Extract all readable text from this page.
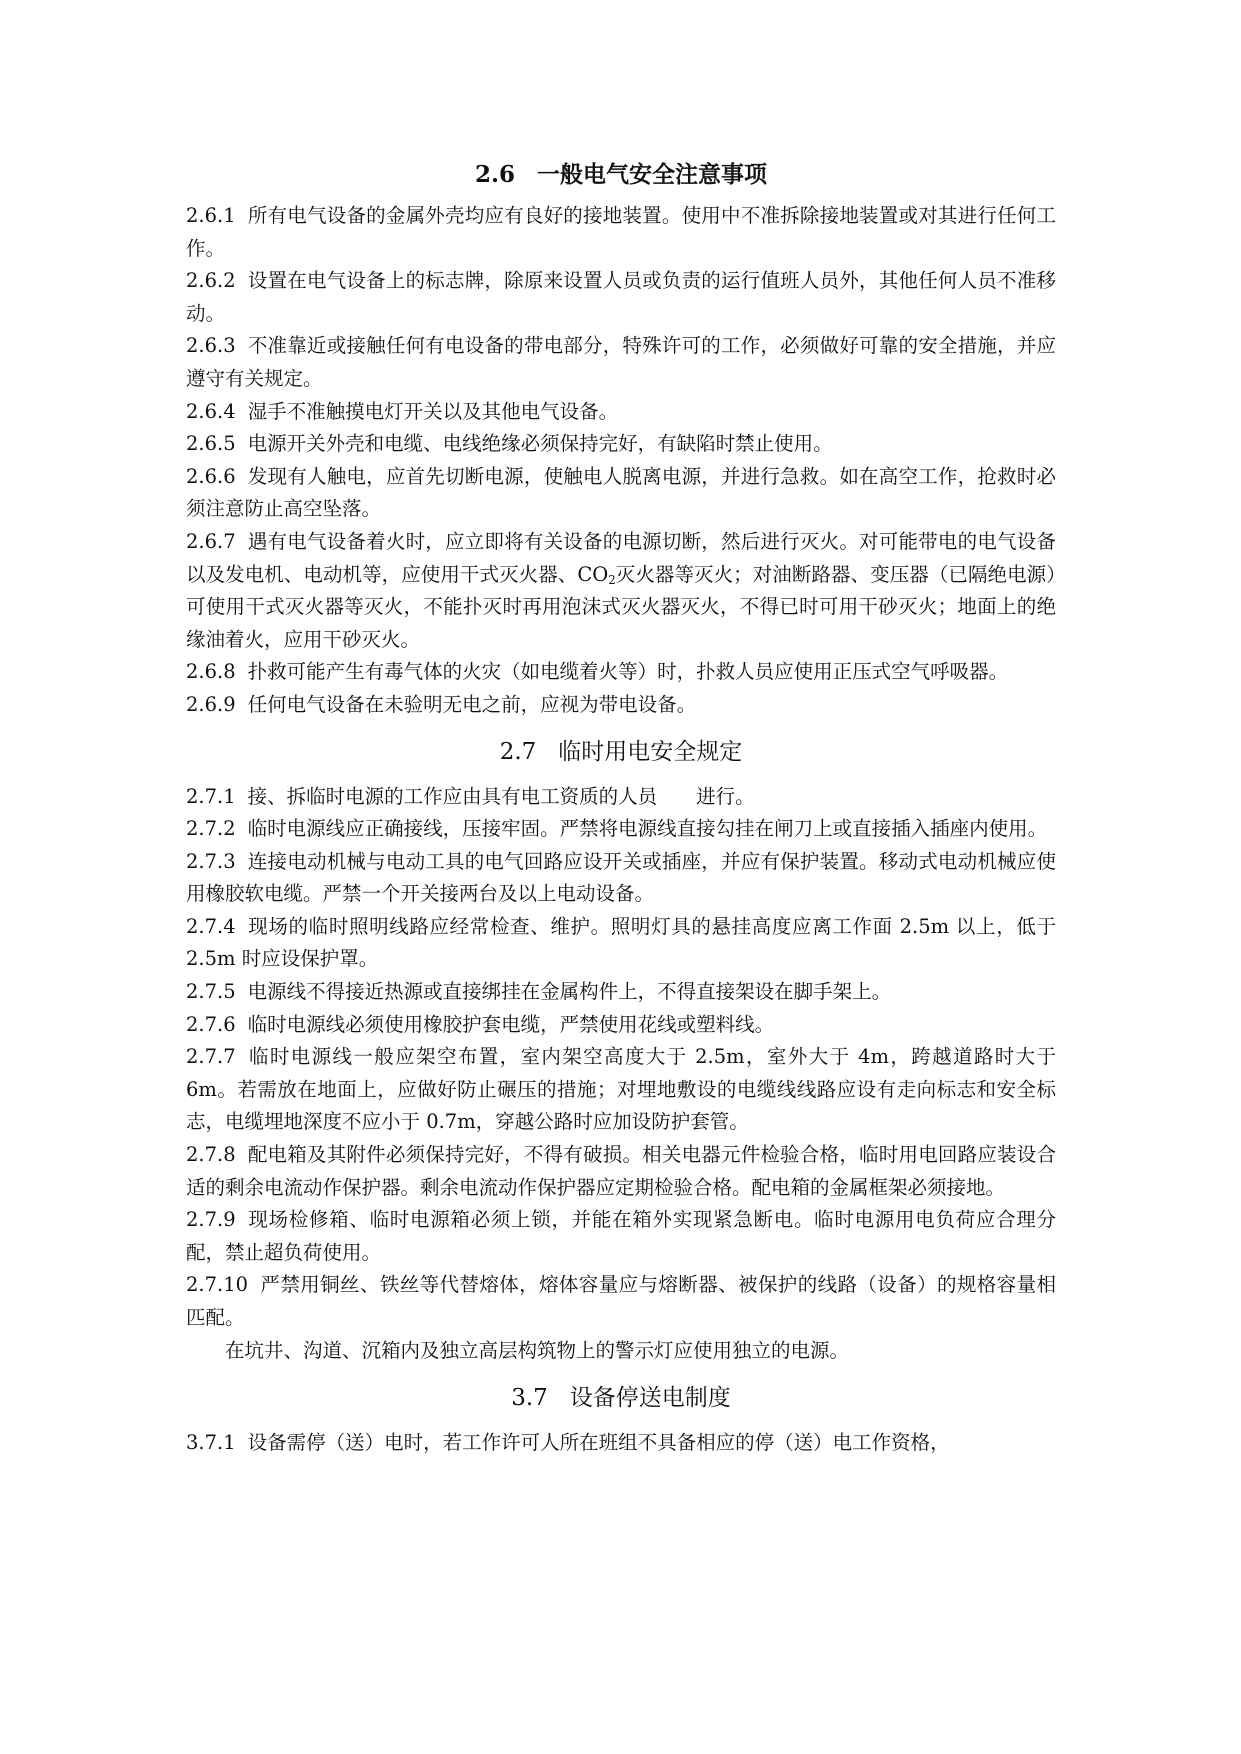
2.6 一般电气安全注意事项

2.6.1 所有电气设备的金属外壳均应有良好的接地装置。使用中不准拆除接地装置或对其进行任何工作。

2.6.2 设置在电气设备上的标志牌，除原来设置人员或负责的运行值班人员外，其他任何人员不准移动。

2.6.3 不准靠近或接触任何有电设备的带电部分，特殊许可的工作，必须做好可靠的安全措施，并应遵守有关规定。

2.6.4 湿手不准触摸电灯开关以及其他电气设备。

2.6.5 电源开关外壳和电缆、电线绝缘必须保持完好，有缺陷时禁止使用。

2.6.6 发现有人触电，应首先切断电源，使触电人脱离电源，并进行急救。如在高空工作，抢救时必须注意防止高空坠落。

2.6.7 遇有电气设备着火时，应立即将有关设备的电源切断，然后进行灭火。对可能带电的电气设备以及发电机、电动机等，应使用干式灭火器、$CO_2$灭火器等灭火；对油断路器、变压器（已隔绝电源）可使用干式灭火器等灭火，不能扑灭时再用泡沫式灭火器灭火，不得已时可用干砂灭火；地面上的绝缘油着火，应用干砂灭火。

2.6.8 扑救可能产生有毒气体的火灾（如电缆着火等）时，扑救人员应使用正压式空气呼吸器。

2.6.9 任何电气设备在未验明无电之前，应视为带电设备。

2.7 临时用电安全规定

2.7.1 接、拆临时电源的工作应由具有电工资质的人员　　进行。

2.7.2 临时电源线应正确接线，压接牢固。严禁将电源线直接勾挂在闸刀上或直接插入插座内使用。

2.7.3 连接电动机械与电动工具的电气回路应设开关或插座，并应有保护装置。移动式电动机械应使用橡胶软电缆。严禁一个开关接两台及以上电动设备。

2.7.4 现场的临时照明线路应经常检查、维护。照明灯具的悬挂高度应离工作面 2.5m 以上，低于 2.5m 时应设保护罩。

2.7.5 电源线不得接近热源或直接绑挂在金属构件上，不得直接架设在脚手架上。

2.7.6 临时电源线必须使用橡胶护套电缆，严禁使用花线或塑料线。

2.7.7 临时电源线一般应架空布置，室内架空高度大于 2.5m，室外大于 4m，跨越道路时大于 6m。若需放在地面上，应做好防止碾压的措施；对埋地敷设的电缆线线路应设有走向标志和安全标志，电缆埋地深度不应小于 0.7m，穿越公路时应加设防护套管。

2.7.8 配电箱及其附件必须保持完好，不得有破损。相关电器元件检验合格，临时用电回路应装设合适的剩余电流动作保护器。剩余电流动作保护器应定期检验合格。配电箱的金属框架必须接地。

2.7.9 现场检修箱、临时电源箱必须上锁，并能在箱外实现紧急断电。临时电源用电负荷应合理分配，禁止超负荷使用。

2.7.10 严禁用铜丝、铁丝等代替熔体，熔体容量应与熔断器、被保护的线路（设备）的规格容量相匹配。

在坑井、沟道、沉箱内及独立高层构筑物上的警示灯应使用独立的电源。

3.7 设备停送电制度

3.7.1 设备需停（送）电时，若工作许可人所在班组不具备相应的停（送）电工作资格，
